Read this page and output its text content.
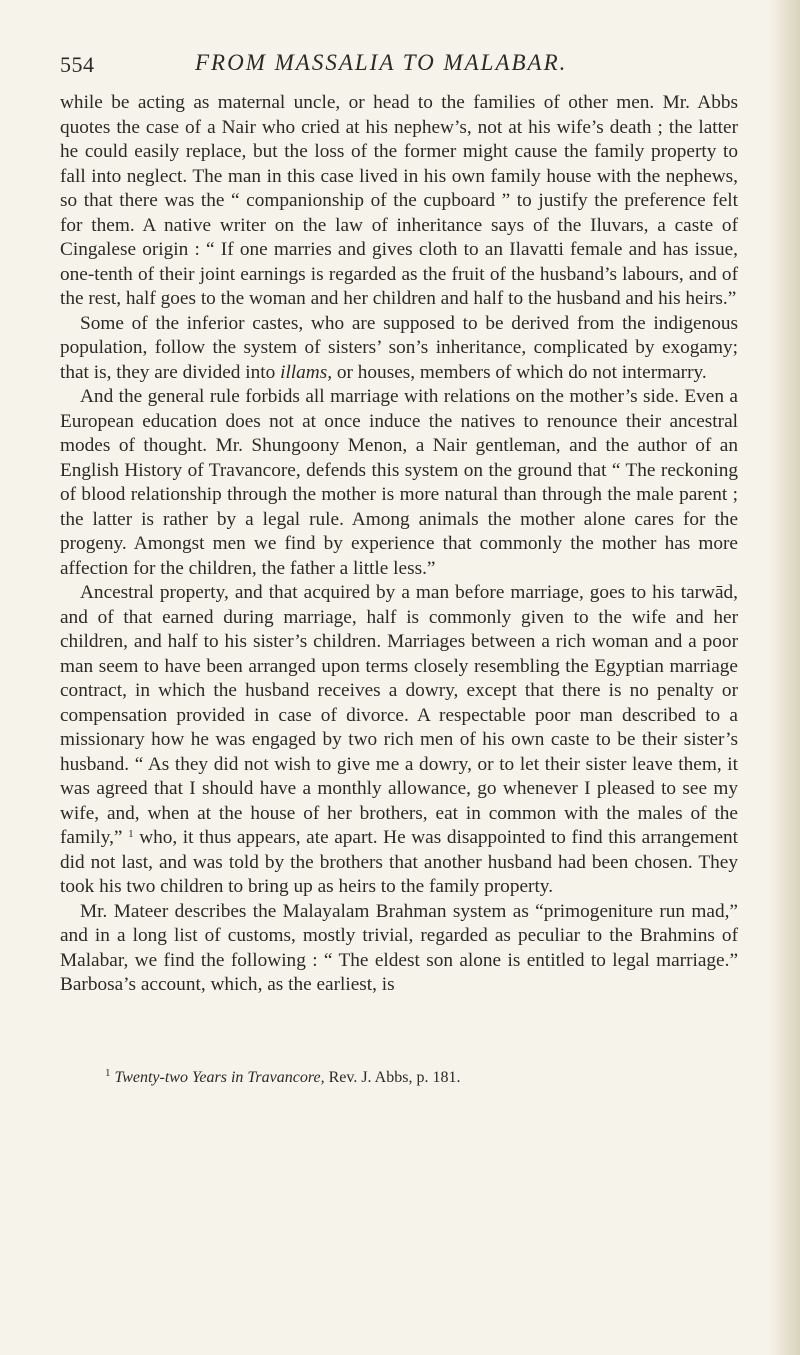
554	FROM MASSALIA TO MALABAR.

while be acting as maternal uncle, or head to the families of other men. Mr. Abbs quotes the case of a Nair who cried at his nephew’s, not at his wife’s death ; the latter he could easily replace, but the loss of the former might cause the family property to fall into neglect. The man in this case lived in his own family house with the nephews, so that there was the “ companionship of the cupboard ” to justify the preference felt for them. A native writer on the law of inheritance says of the Iluvars, a caste of Cingalese origin : “ If one marries and gives cloth to an Ilavatti female and has issue, one-tenth of their joint earnings is regarded as the fruit of the husband’s labours, and of the rest, half goes to the woman and her children and half to the husband and his heirs.”

Some of the inferior castes, who are supposed to be derived from the indigenous population, follow the system of sisters’ son’s inheritance, complicated by exogamy; that is, they are divided into illams, or houses, members of which do not intermarry.

And the general rule forbids all marriage with relations on the mother’s side. Even a European education does not at once induce the natives to renounce their ancestral modes of thought. Mr. Shungoony Menon, a Nair gentleman, and the author of an English History of Travancore, defends this system on the ground that “ The reckoning of blood relationship through the mother is more natural than through the male parent ; the latter is rather by a legal rule. Among animals the mother alone cares for the progeny. Amongst men we find by experience that commonly the mother has more affection for the children, the father a little less.”

Ancestral property, and that acquired by a man before marriage, goes to his tarwād, and of that earned during marriage, half is commonly given to the wife and her children, and half to his sister’s children. Marriages between a rich woman and a poor man seem to have been arranged upon terms closely resembling the Egyptian marriage contract, in which the husband receives a dowry, except that there is no penalty or compensation provided in case of divorce. A respectable poor man described to a missionary how he was engaged by two rich men of his own caste to be their sister’s husband. “ As they did not wish to give me a dowry, or to let their sister leave them, it was agreed that I should have a monthly allowance, go whenever I pleased to see my wife, and, when at the house of her brothers, eat in common with the males of the family,” $^1$ who, it thus appears, ate apart. He was disappointed to find this arrangement did not last, and was told by the brothers that another husband had been chosen. They took his two children to bring up as heirs to the family property.

Mr. Mateer describes the Malayalam Brahman system as “primogeniture run mad,” and in a long list of customs, mostly trivial, regarded as peculiar to the Brahmins of Malabar, we find the following : “ The eldest son alone is entitled to legal marriage.” Barbosa’s account, which, as the earliest, is

$^1$ Twenty-two Years in Travancore, Rev. J. Abbs, p. 181.
